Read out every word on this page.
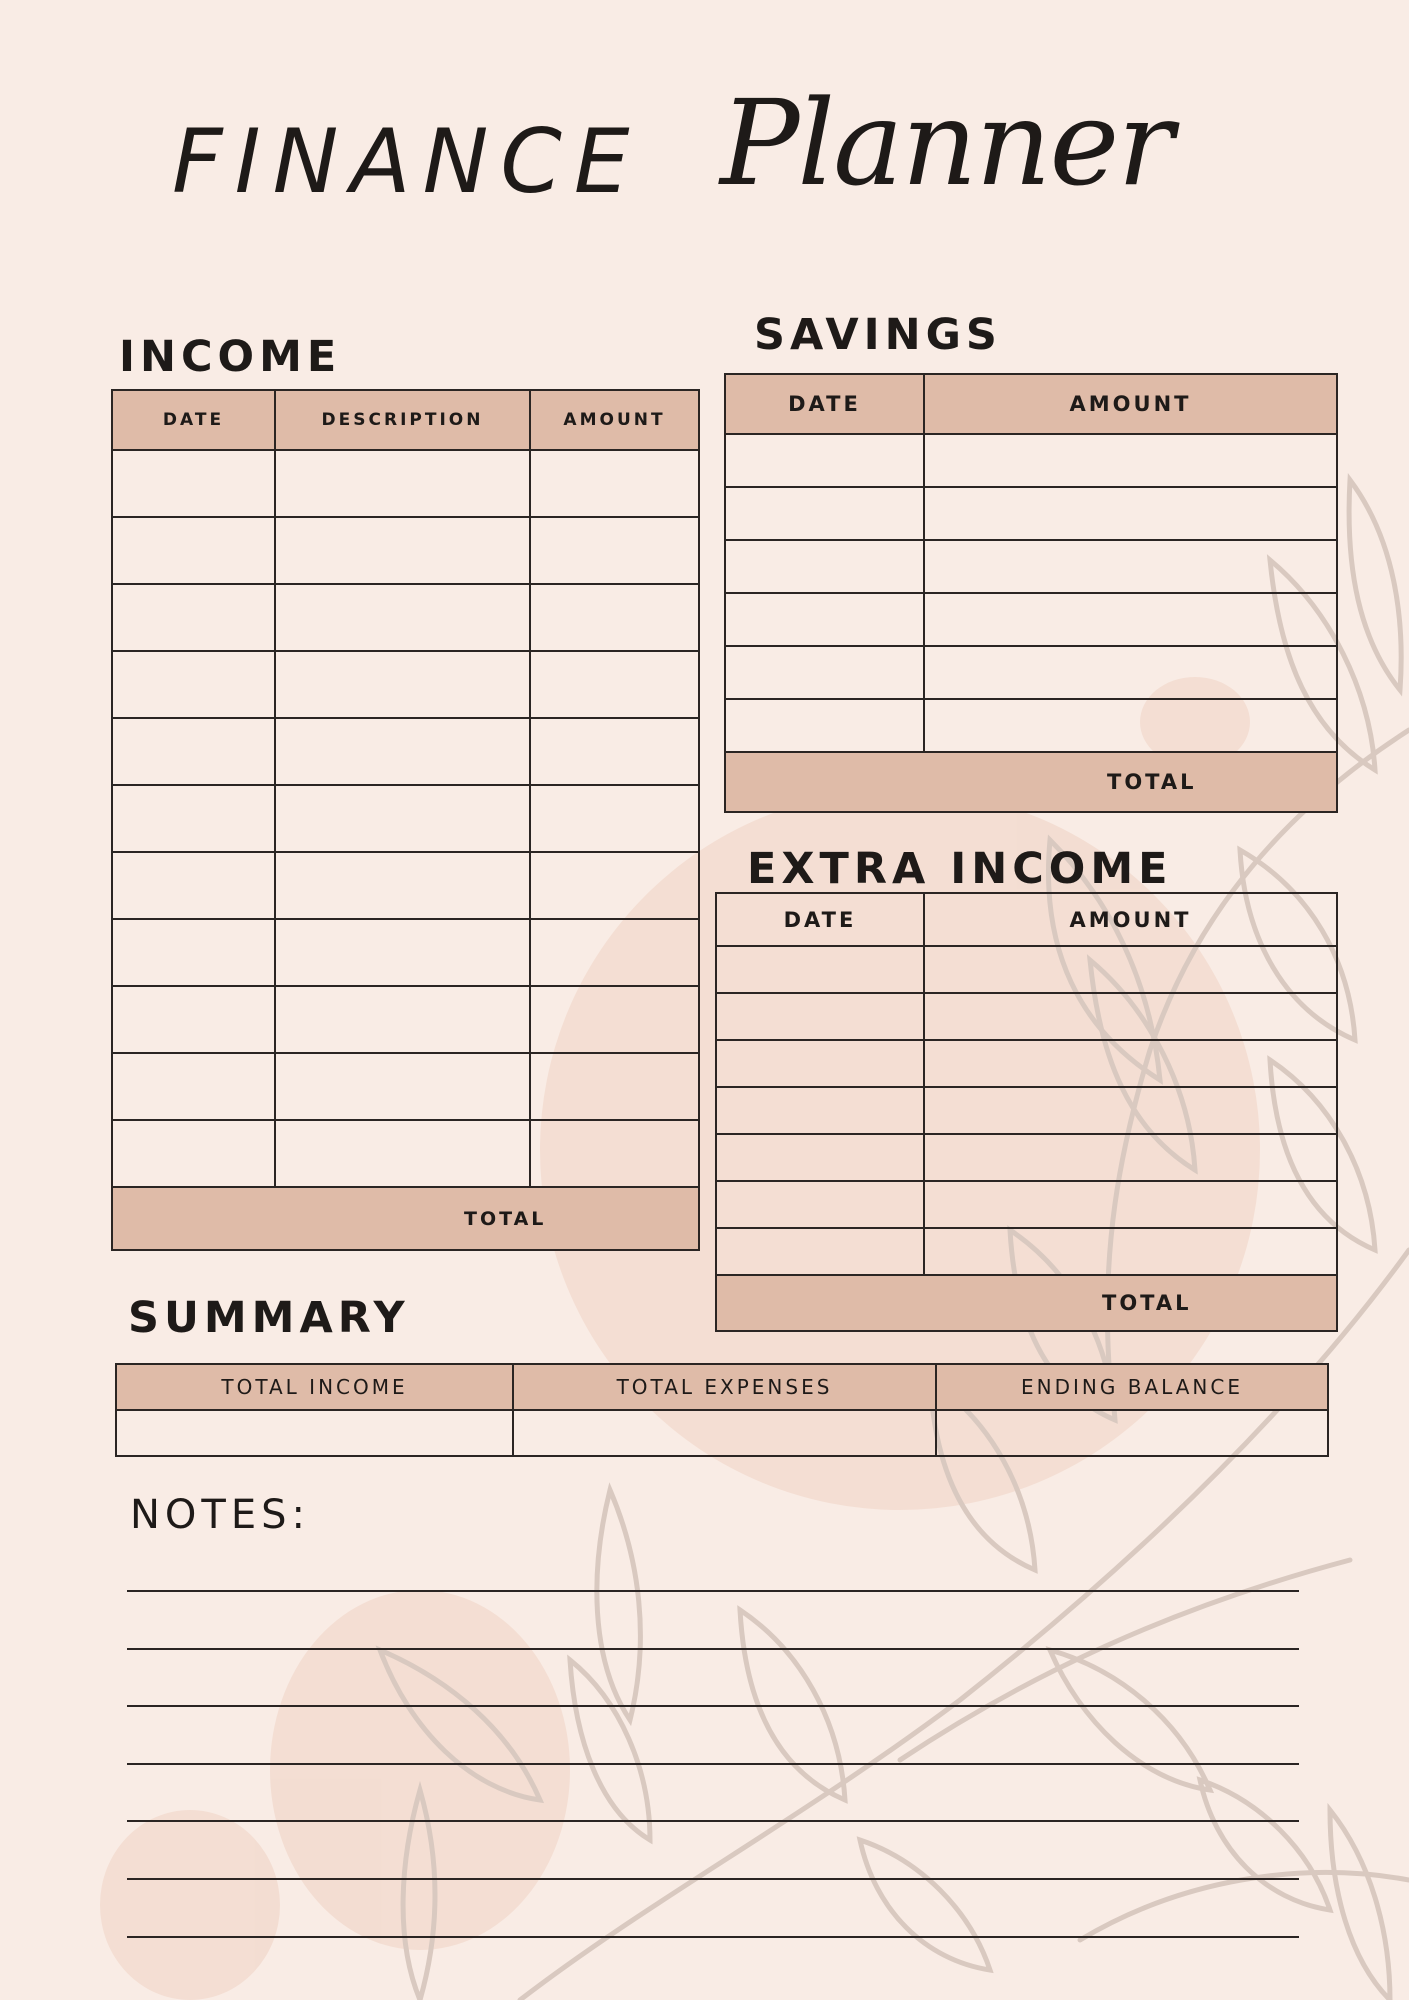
FINANCE Planner
INCOME
DATE	DESCRIPTION	AMOUNT

TOTAL		
SAVINGS
DATE	AMOUNT

TOTAL	
EXTRA INCOME
DATE	AMOUNT

TOTAL	
SUMMARY
TOTAL INCOME	TOTAL EXPENSES	ENDING BALANCE

NOTES:
